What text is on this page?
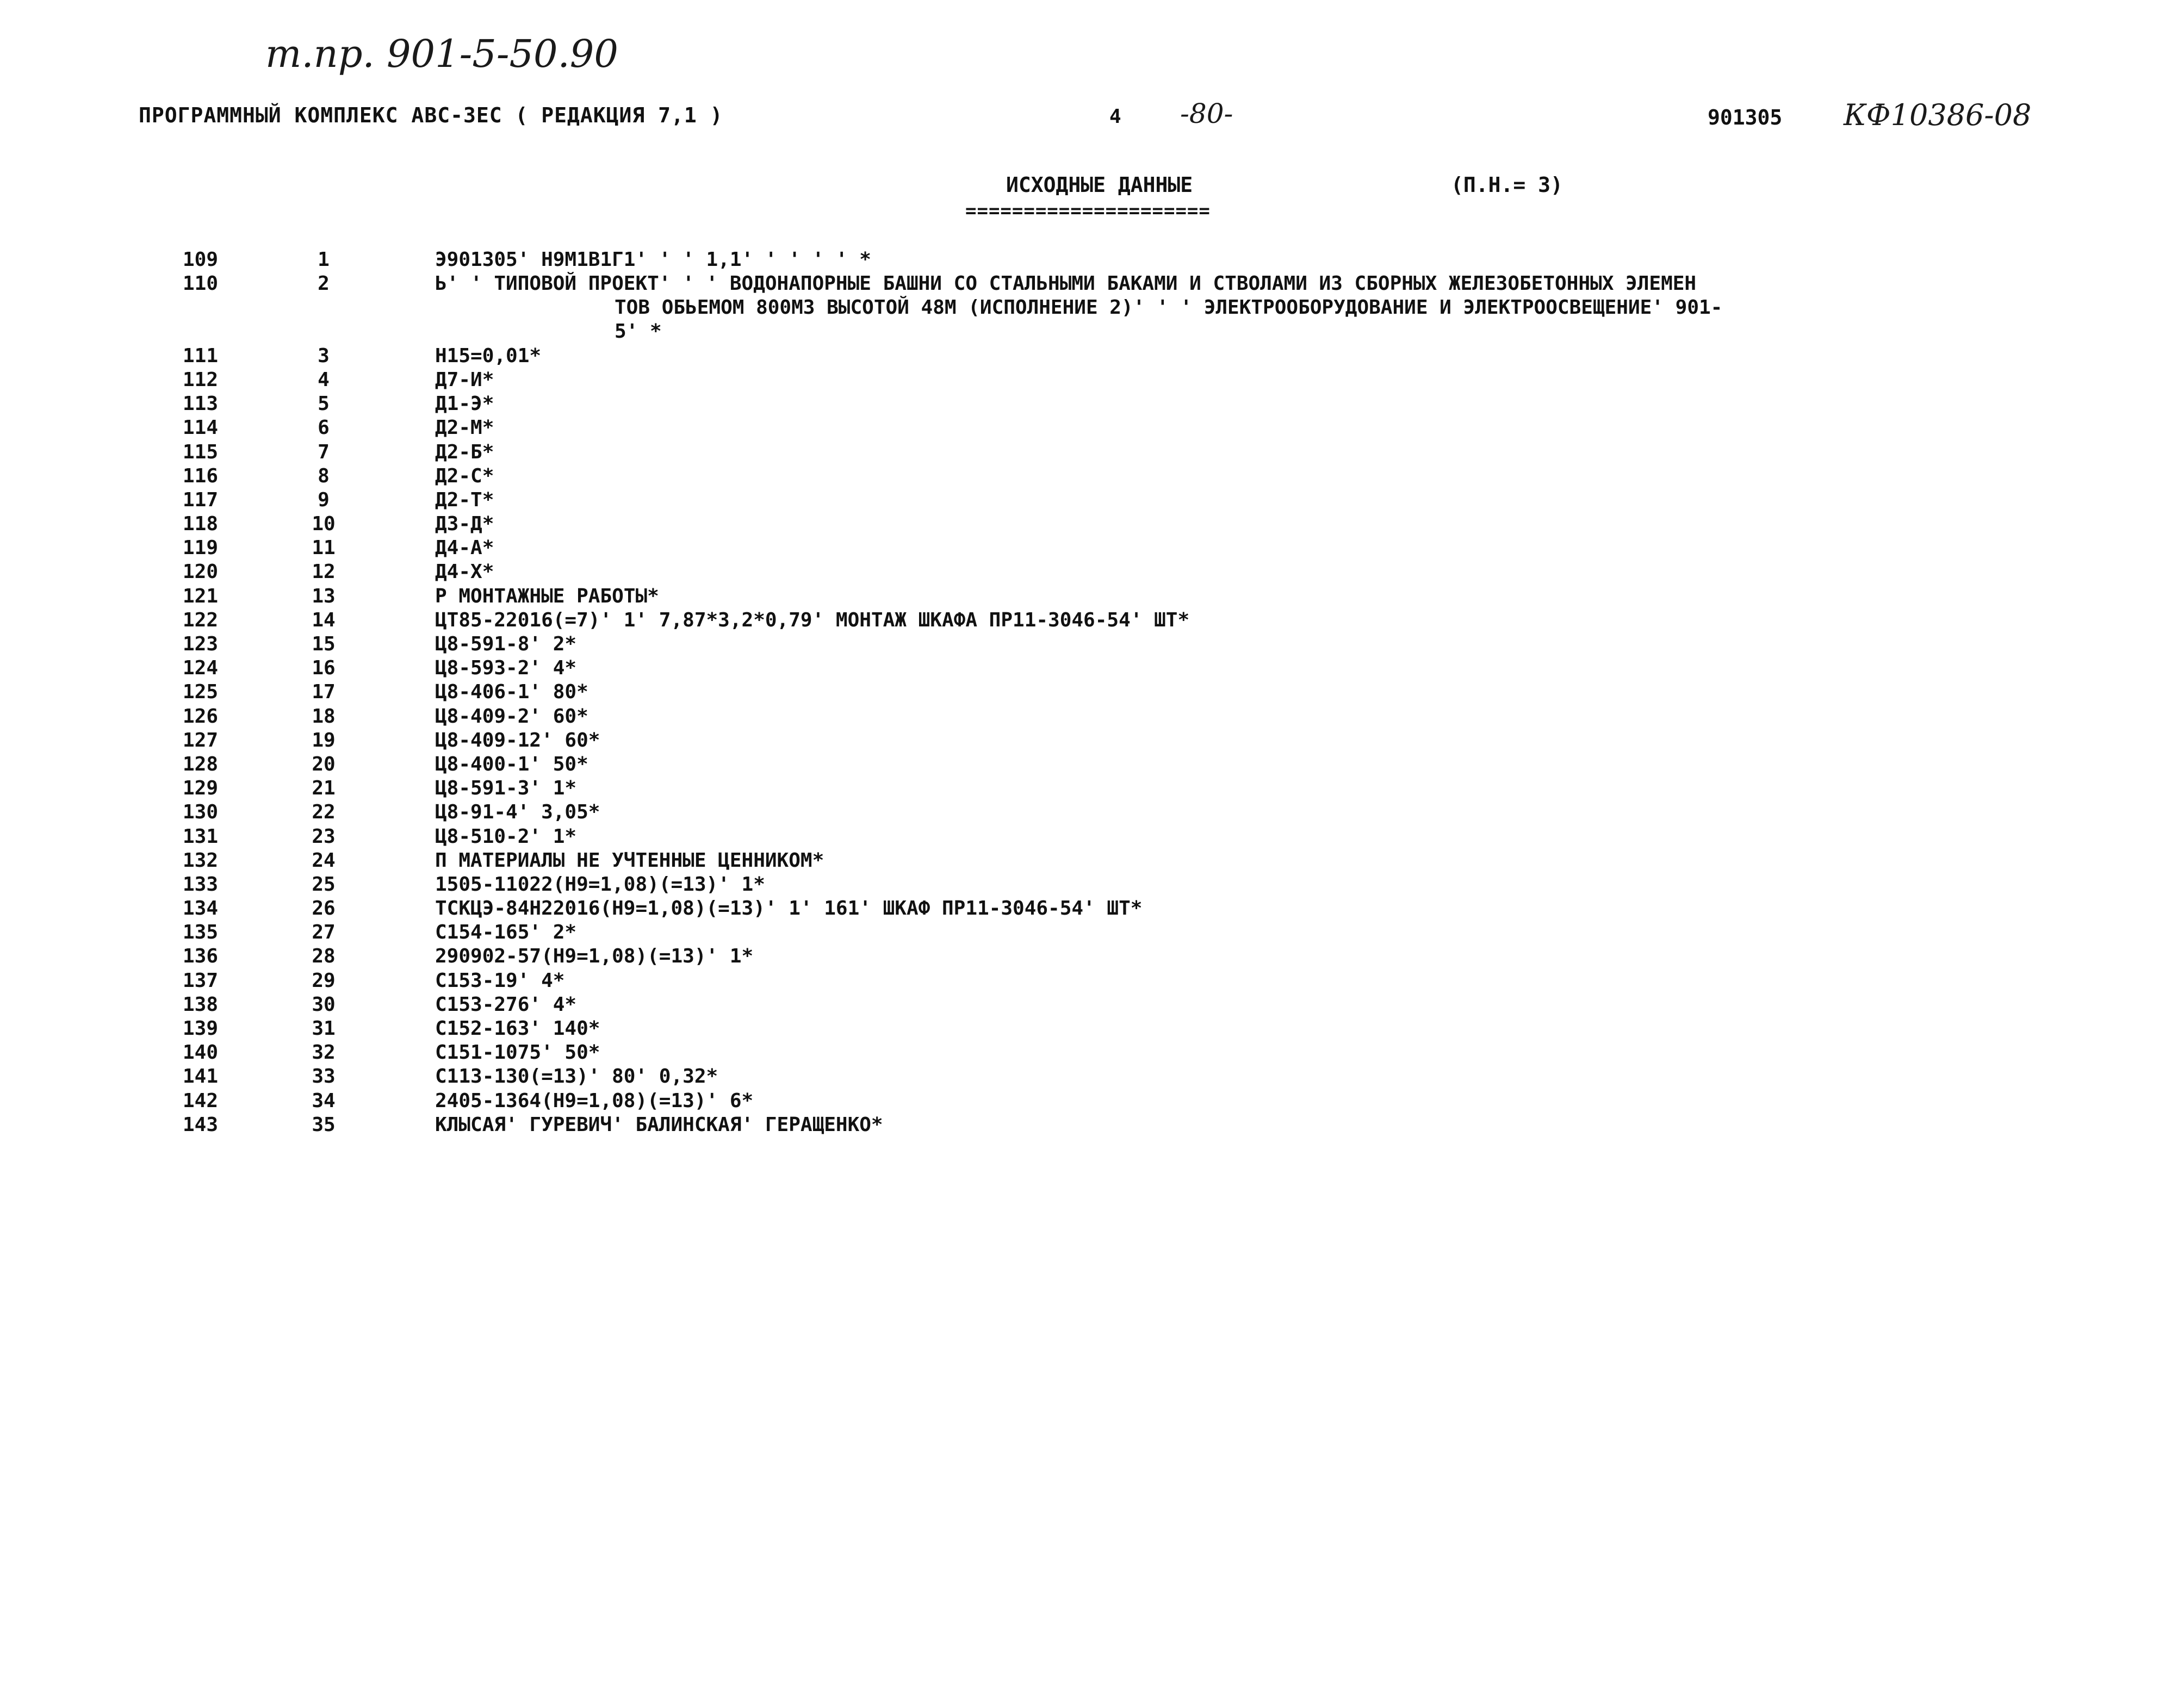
т.пр. 901-5-50.90
ПРОГРАММНЫЙ КОМПЛЕКС АВС-3ЕС ( РЕДАКЦИЯ 7,1 )	4 -80-	901305 КФ10386-08
ИСХОДНЫЕ ДАННЫЕ
=====================
(П.Н.= 3)
109	1	Э901305' Н9М1В1Г1' ' ' 1,1' ' ' ' ' *
110	2	Ь' ' ТИПОВОЙ ПРОЕКТ' ' ' ВОДОНАПОРНЫЕ БАШНИ СО СТАЛЬНЫМИ БАКАМИ И СТВОЛАМИ ИЗ СБОРНЫХ ЖЕЛЕЗОБЕТОННЫХ ЭЛЕМЕН
ТОВ ОБЬЕМОМ 800М3 ВЫСОТОЙ 48М (ИСПОЛНЕНИЕ 2)' ' ' ЭЛЕКТРООБОРУДОВАНИЕ И ЭЛЕКТРООСВЕЩЕНИЕ' 901-
5' *
111	3	Н15=0,01*
112	4	Д7-И*
113	5	Д1-Э*
114	6	Д2-М*
115	7	Д2-Б*
116	8	Д2-С*
117	9	Д2-Т*
118	10	Д3-Д*
119	11	Д4-А*
120	12	Д4-Х*
121	13	Р МОНТАЖНЫЕ РАБОТЫ*
122	14	ЦТ85-22016(=7)' 1' 7,87*3,2*0,79' МОНТАЖ ШКАФА ПР11-3046-54' ШТ*
123	15	Ц8-591-8' 2*
124	16	Ц8-593-2' 4*
125	17	Ц8-406-1' 80*
126	18	Ц8-409-2' 60*
127	19	Ц8-409-12' 60*
128	20	Ц8-400-1' 50*
129	21	Ц8-591-3' 1*
130	22	Ц8-91-4' 3,05*
131	23	Ц8-510-2' 1*
132	24	П МАТЕРИАЛЫ НЕ УЧТЕННЫЕ ЦЕННИКОМ*
133	25	1505-11022(Н9=1,08)(=13)' 1*
134	26	ТСКЦЭ-84Н22016(Н9=1,08)(=13)' 1' 161' ШКАФ ПР11-3046-54' ШТ*
135	27	С154-165' 2*
136	28	290902-57(Н9=1,08)(=13)' 1*
137	29	С153-19' 4*
138	30	С153-276' 4*
139	31	С152-163' 140*
140	32	С151-1075' 50*
141	33	С113-130(=13)' 80' 0,32*
142	34	2405-1364(Н9=1,08)(=13)' 6*
143	35	КЛЫСАЯ' ГУРЕВИЧ' БАЛИНСКАЯ' ГЕРАЩЕНКО*
